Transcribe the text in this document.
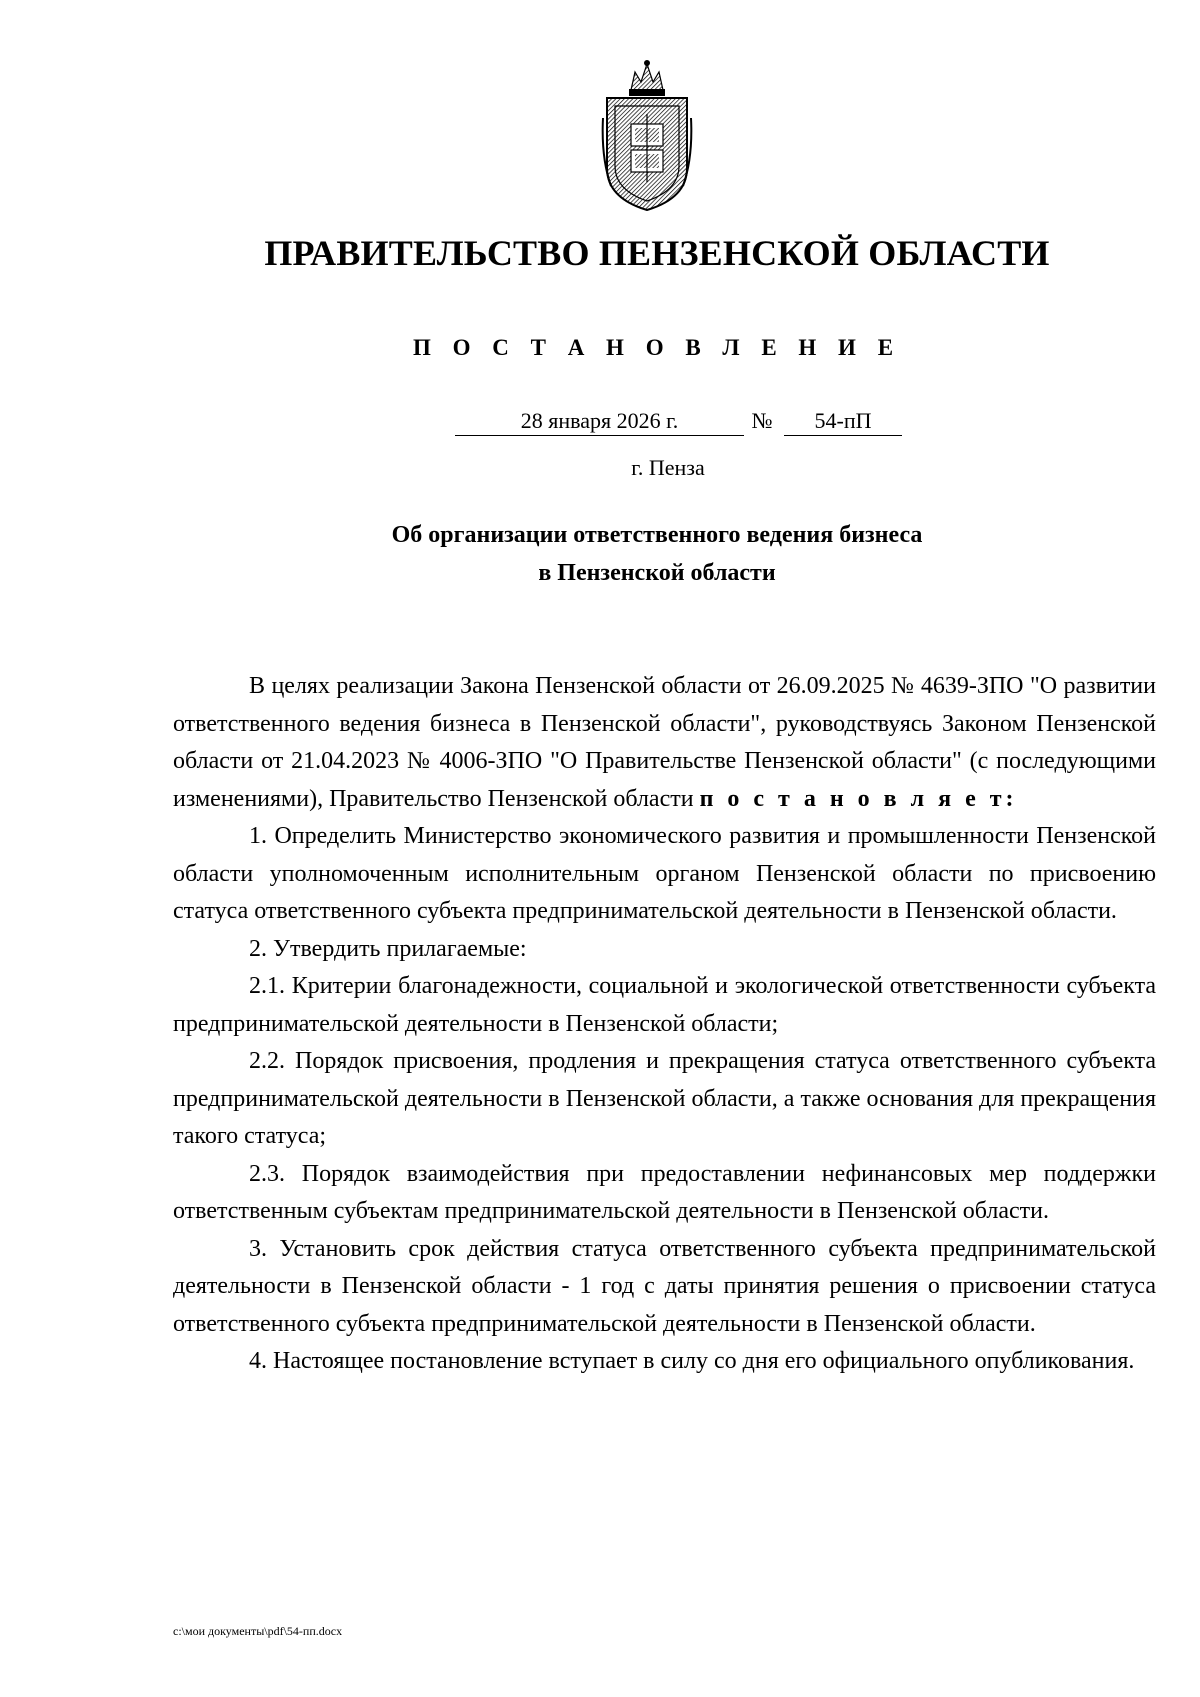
ПРАВИТЕЛЬСТВО ПЕНЗЕНСКОЙ ОБЛАСТИ
П О С Т А Н О В Л Е Н И Е
28 января 2026 г.	№	54-пП
г. Пенза
Об организации ответственного ведения бизнеса
в Пензенской области

В целях реализации Закона Пензенской области от 26.09.2025 № 4639-ЗПО "О развитии ответственного ведения бизнеса в Пензенской области", руководствуясь Законом Пензенской области от 21.04.2023 № 4006-ЗПО "О Правительстве Пензенской области" (с последующими изменениями), Правительство Пензенской области п о с т а н о в л я е т:

1. Определить Министерство экономического развития и промышленности Пензенской области уполномоченным исполнительным органом Пензенской области по присвоению статуса ответственного субъекта предпринимательской деятельности в Пензенской области.

2. Утвердить прилагаемые:

2.1. Критерии благонадежности, социальной и экологической ответственности субъекта предпринимательской деятельности в Пензенской области;

2.2. Порядок присвоения, продления и прекращения статуса ответственного субъекта предпринимательской деятельности в Пензенской области, а также основания для прекращения такого статуса;

2.3. Порядок взаимодействия при предоставлении нефинансовых мер поддержки ответственным субъектам предпринимательской деятельности в Пензенской области.

3. Установить срок действия статуса ответственного субъекта предпринимательской деятельности в Пензенской области - 1 год с даты принятия решения о присвоении статуса ответственного субъекта предпринимательской деятельности в Пензенской области.

4. Настоящее постановление вступает в силу со дня его официального опубликования.

c:\мои документы\pdf\54-пп.docx
